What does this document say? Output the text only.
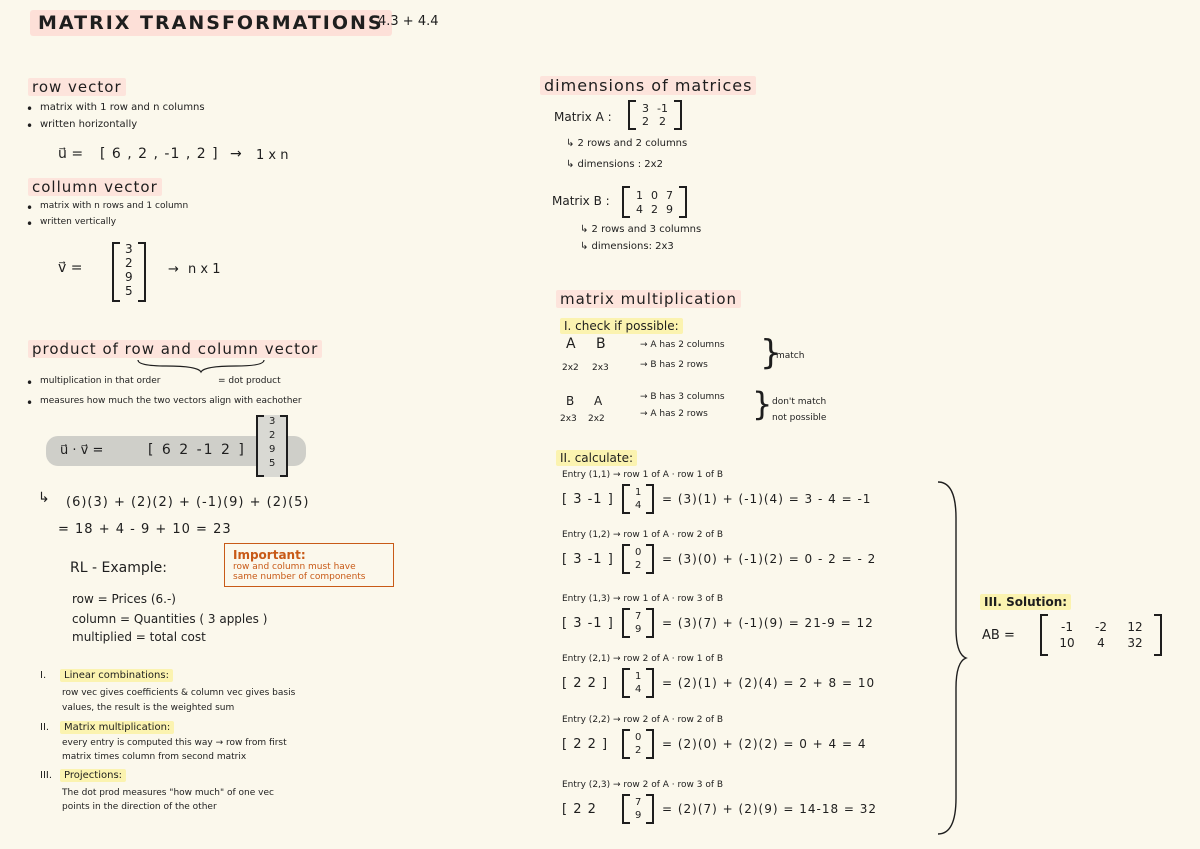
MATRIX TRANSFORMATIONS
4.3 + 4.4
row vector
• matrix with 1 row and n columns
• written horizontally
u⃗ = [ 6 , 2 , -1 , 2 ] → 1 x n
collumn vector
• matrix with n rows and 1 column
• written vertically
v⃗ =
3
2
9
5
→ n x 1
product of row and column vector
• multiplication in that order	= dot product
• measures how much the two vectors align with eachother
u⃗ · v⃗ =	[ 6 2 -1 2 ]
3
2
9
5
↳ (6)(3) + (2)(2) + (-1)(9) + (2)(5)
= 18 + 4 - 9 + 10 = 23
Important:
row and column must have
same number of components
RL - Example:
row = Prices (6.-)
column = Quantities ( 3 apples )
multiplied = total cost
I.	Linear combinations:
row vec gives coefficients & column vec gives basis
values, the result is the weighted sum
II.	Matrix multiplication:
every entry is computed this way → row from first
matrix times column from second matrix
III.	Projections:
The dot prod measures "how much" of one vec
points in the direction of the other
dimensions of matrices
Matrix A :
3 -1
2 2
↳ 2 rows and 2 columns
↳ dimensions : 2x2
Matrix B : 1 0 7
4 2 9
↳ 2 rows and 3 columns
↳ dimensions: 2x3
matrix multiplication
I. check if possible:
A B
2x2 2x3
→ A has 2 columns
→ B has 2 rows }
match
B A
2x3 2x2
→ B has 3 columns
→ A has 2 rows } don't match
not possible
II. calculate:
Entry (1,1) → row 1 of A · row 1 of B
[ 3 -1 ] 1
4 = (3)(1) + (-1)(4) = 3 - 4 = -1
Entry (1,2) → row 1 of A · row 2 of B
[ 3 -1 ] 0
2 = (3)(0) + (-1)(2) = 0 - 2 = - 2
Entry (1,3) → row 1 of A · row 3 of B
[ 3 -1 ] 7
9 = (3)(7) + (-1)(9) = 21-9 = 12
Entry (2,1) → row 2 of A · row 1 of B
[ 2 2 ]	1
4 = (2)(1) + (2)(4) = 2 + 8 = 10
Entry (2,2) → row 2 of A · row 2 of B
[ 2 2 ]	0
2 = (2)(0) + (2)(2) = 0 + 4 = 4
Entry (2,3) → row 2 of A · row 3 of B
[ 2 2	7
9 = (2)(7) + (2)(9) = 14-18 = 32
III. Solution:
AB =
-1	-2	12
10	4	32
